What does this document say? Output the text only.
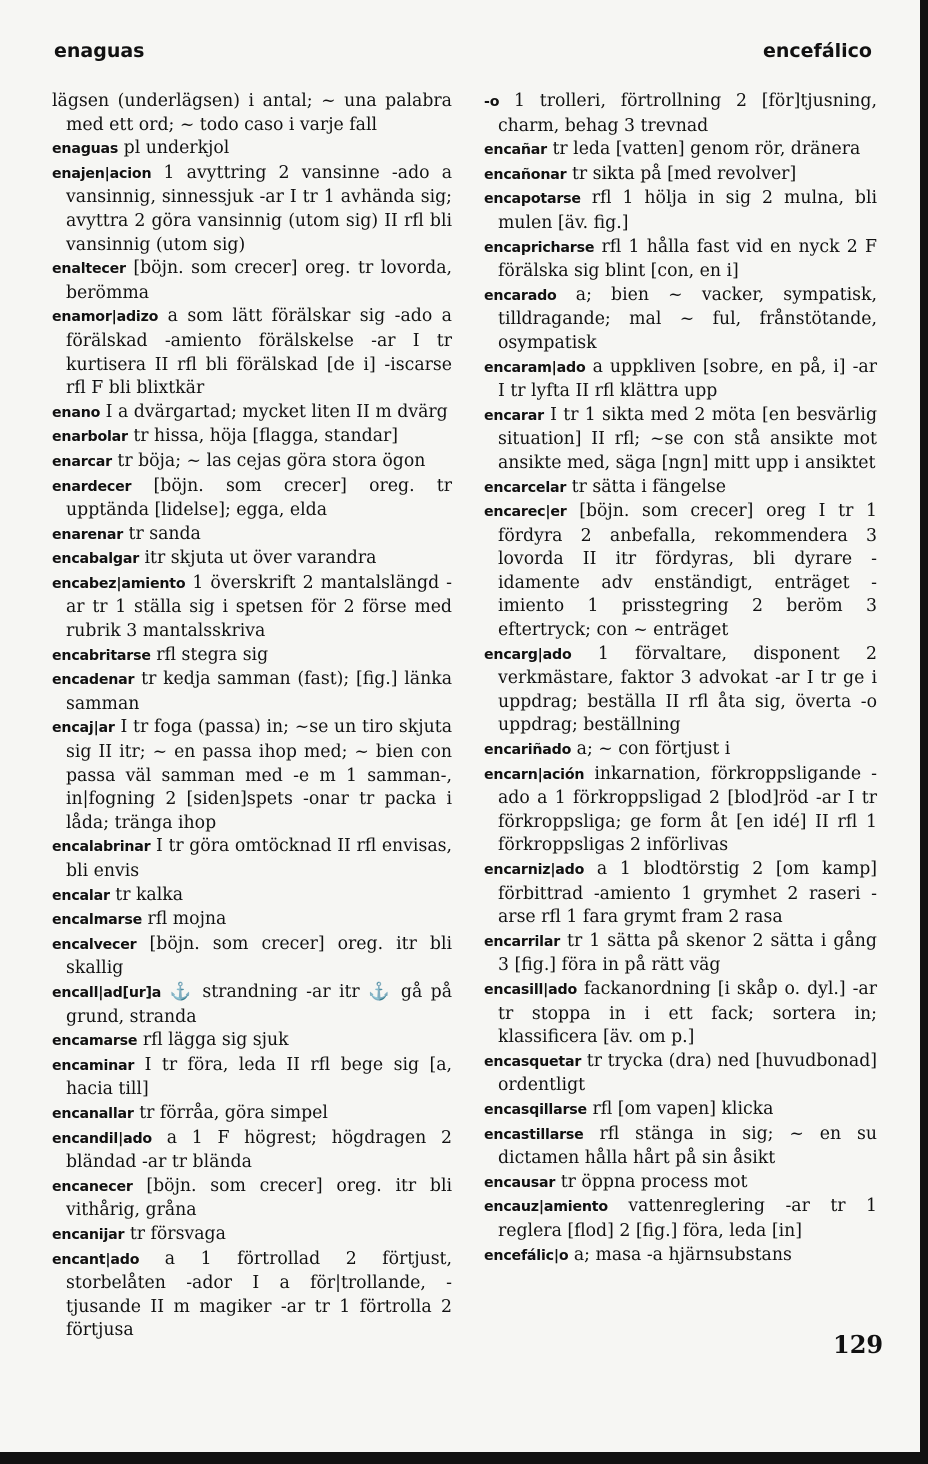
enaguas	encefálico
lägsen (underlägsen) i antal; ~ una palabra med ett ord; ~ todo caso i varje fall
enaguas pl underkjol
enajen|acion 1 avyttring 2 vansinne -ado a vansinnig, sinnessjuk -ar I tr 1 avhända sig; avyttra 2 göra vansinnig (utom sig) II rfl bli vansinnig (utom sig)
enaltecer [böjn. som crecer] oreg. tr lovorda, berömma
enamor|adizo a som lätt förälskar sig -ado a förälskad -amiento förälskelse -ar I tr kurtisera II rfl bli förälskad [de i] -iscarse rfl F bli blixtkär
enano I a dvärgartad; mycket liten II m dvärg
enarbolar tr hissa, höja [flagga, standar]
enarcar tr böja; ~ las cejas göra stora ögon
enardecer [böjn. som crecer] oreg. tr upptända [lidelse]; egga, elda
enarenar tr sanda
encabalgar itr skjuta ut över varandra
encabez|amiento 1 överskrift 2 mantalslängd -ar tr 1 ställa sig i spetsen för 2 förse med rubrik 3 mantalsskriva
encabritarse rfl stegra sig
encadenar tr kedja samman (fast); [fig.] länka samman
encaj|ar I tr foga (passa) in; ~se un tiro skjuta sig II itr; ~ en passa ihop med; ~ bien con passa väl samman med -e m 1 samman-, in|fogning 2 [siden]spets -onar tr packa i låda; tränga ihop
encalabrinar I tr göra omtöcknad II rfl envisas, bli envis
encalar tr kalka
encalmarse rfl mojna
encalvecer [böjn. som crecer] oreg. itr bli skallig
encall|ad[ur]a ⚓ strandning -ar itr ⚓ gå på grund, stranda
encamarse rfl lägga sig sjuk
encaminar I tr föra, leda II rfl bege sig [a, hacia till]
encanallar tr förråa, göra simpel
encandil|ado a 1 F högrest; högdragen 2 bländad -ar tr blända
encanecer [böjn. som crecer] oreg. itr bli vithårig, gråna
encanijar tr försvaga
encant|ado a 1 förtrollad 2 förtjust, storbelåten -ador I a för|trollande, -tjusande II m magiker -ar tr 1 förtrolla 2 förtjusa
-o 1 trolleri, förtrollning 2 [för]tjusning, charm, behag 3 trevnad
encañar tr leda [vatten] genom rör, dränera
encañonar tr sikta på [med revolver]
encapotarse rfl 1 hölja in sig 2 mulna, bli mulen [äv. fig.]
encapricharse rfl 1 hålla fast vid en nyck 2 F förälska sig blint [con, en i]
encarado a; bien ~ vacker, sympatisk, tilldragande; mal ~ ful, frånstötande, osympatisk
encaram|ado a uppkliven [sobre, en på, i] -ar I tr lyfta II rfl klättra upp
encarar I tr 1 sikta med 2 möta [en besvärlig situation] II rfl; ~se con stå ansikte mot ansikte med, säga [ngn] mitt upp i ansiktet
encarcelar tr sätta i fängelse
encarec|er [böjn. som crecer] oreg I tr 1 fördyra 2 anbefalla, rekommendera 3 lovorda II itr fördyras, bli dyrare -idamente adv enständigt, enträget -imiento 1 prisstegring 2 beröm 3 eftertryck; con ~ enträget
encarg|ado 1 förvaltare, disponent 2 verkmästare, faktor 3 advokat -ar I tr ge i uppdrag; beställa II rfl åta sig, överta -o uppdrag; beställning
encariñado a; ~ con förtjust i
encarn|ación inkarnation, förkroppsligande -ado a 1 förkroppsligad 2 [blod]röd -ar I tr förkroppsliga; ge form åt [en idé] II rfl 1 förkroppsligas 2 införlivas
encarniz|ado a 1 blodtörstig 2 [om kamp] förbittrad -amiento 1 grymhet 2 raseri -arse rfl 1 fara grymt fram 2 rasa
encarrilar tr 1 sätta på skenor 2 sätta i gång 3 [fig.] föra in på rätt väg
encasill|ado fackanordning [i skåp o. dyl.] -ar tr stoppa in i ett fack; sortera in; klassificera [äv. om p.]
encasquetar tr trycka (dra) ned [huvudbonad] ordentligt
encasqillarse rfl [om vapen] klicka
encastillarse rfl stänga in sig; ~ en su dictamen hålla hårt på sin åsikt
encausar tr öppna process mot
encauz|amiento vattenreglering -ar tr 1 reglera [flod] 2 [fig.] föra, leda [in]
encefálic|o a; masa -a hjärnsubstans
129
